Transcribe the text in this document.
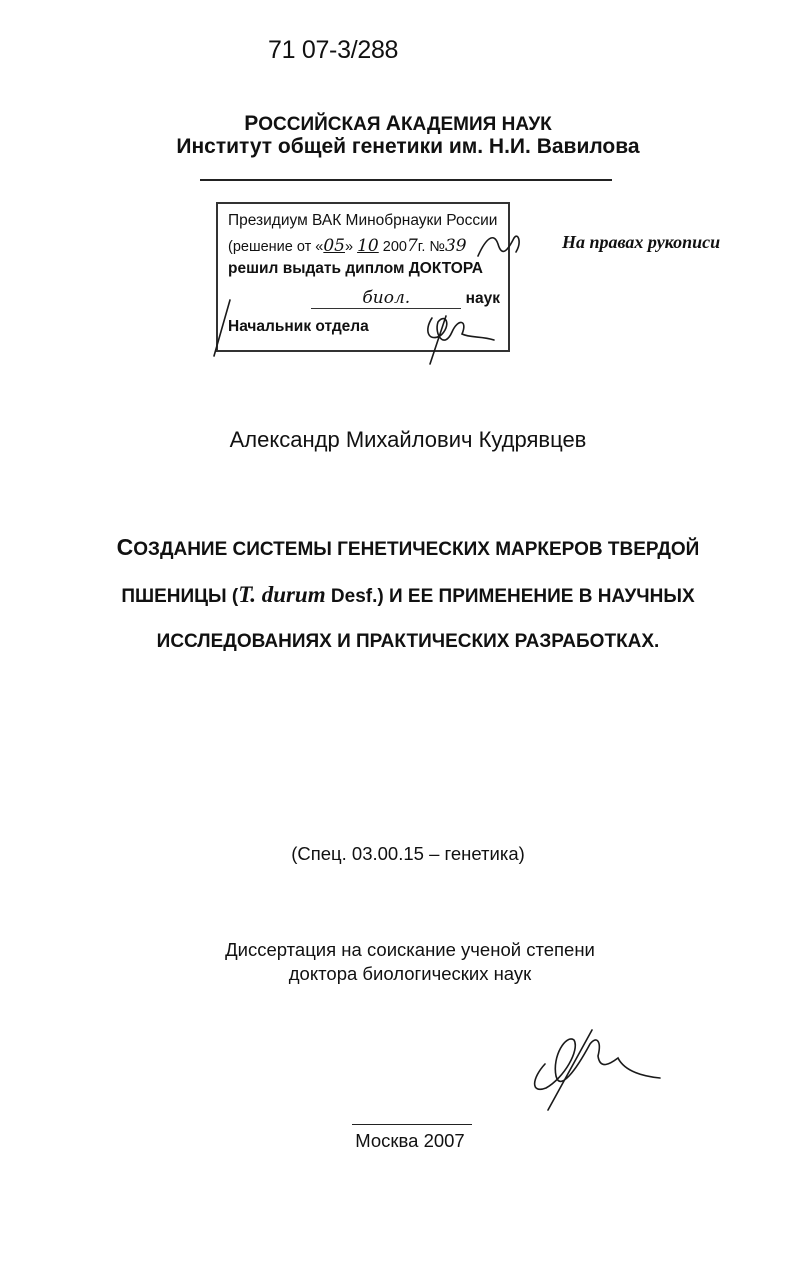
71 07-3/288
РОССИЙСКАЯ АКАДЕМИЯ НАУК
Институт общей генетики им. Н.И. Вавилова
Президиум ВАК Минобрнауки России
(решение от «05» 10 2007г. №39
решил выдать диплом ДОКТОРА
биол.	наук
Начальник отдела
На правах рукописи
Александр Михайлович Кудрявцев
СОЗДАНИЕ СИСТЕМЫ ГЕНЕТИЧЕСКИХ МАРКЕРОВ ТВЕРДОЙ
ПШЕНИЦЫ (T. durum Desf.) И ЕЕ ПРИМЕНЕНИЕ В НАУЧНЫХ
ИССЛЕДОВАНИЯХ И ПРАКТИЧЕСКИХ РАЗРАБОТКАХ.
(Спец. 03.00.15 – генетика)
Диссертация на соискание ученой степени
доктора биологических наук
Москва 2007
